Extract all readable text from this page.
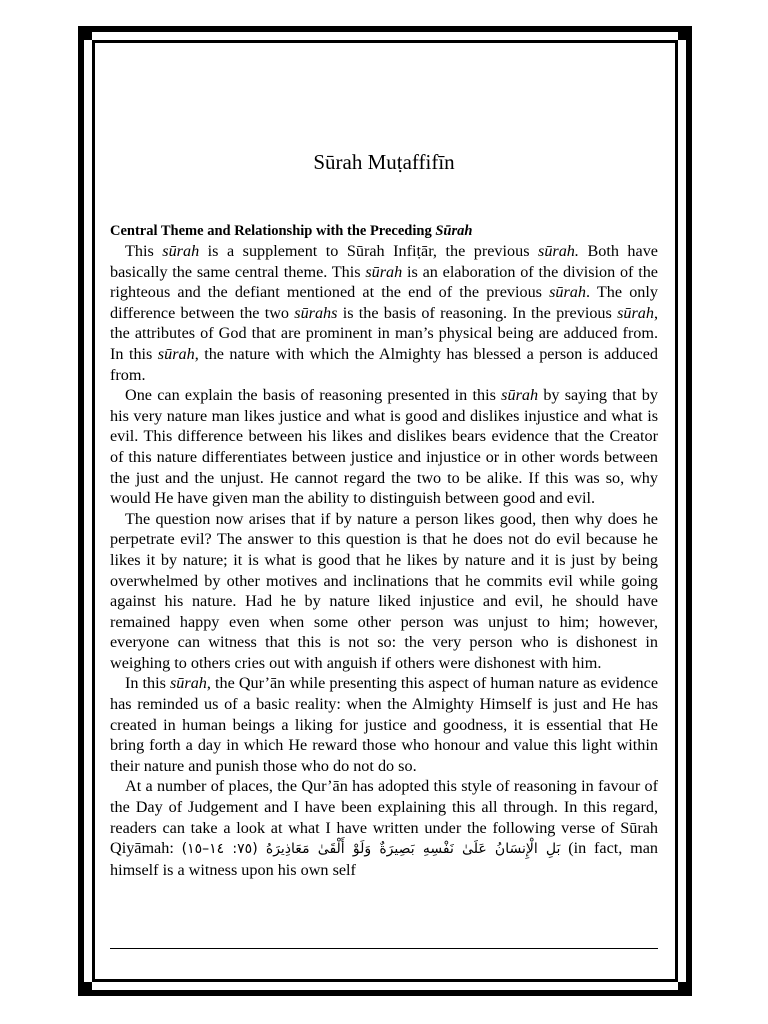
Sūrah Muṭaffifīn
Central Theme and Relationship with the Preceding Sūrah

This sūrah is a supplement to Sūrah Infiṭār, the previous sūrah. Both have basically the same central theme. This sūrah is an elaboration of the division of the righteous and the defiant mentioned at the end of the previous sūrah. The only difference between the two sūrahs is the basis of reasoning. In the previous sūrah, the attributes of God that are prominent in man’s physical being are adduced from. In this sūrah, the nature with which the Almighty has blessed a person is adduced from.

One can explain the basis of reasoning presented in this sūrah by saying that by his very nature man likes justice and what is good and dislikes injustice and what is evil. This difference between his likes and dislikes bears evidence that the Creator of this nature differentiates between justice and injustice or in other words between the just and the unjust. He cannot regard the two to be alike. If this was so, why would He have given man the ability to distinguish between good and evil.

The question now arises that if by nature a person likes good, then why does he perpetrate evil? The answer to this question is that he does not do evil because he likes it by nature; it is what is good that he likes by nature and it is just by being overwhelmed by other motives and inclinations that he commits evil while going against his nature. Had he by nature liked injustice and evil, he should have remained happy even when some other person was unjust to him; however, everyone can witness that this is not so: the very person who is dishonest in weighing to others cries out with anguish if others were dishonest with him.

In this sūrah, the Qur’ān while presenting this aspect of human nature as evidence has reminded us of a basic reality: when the Almighty Himself is just and He has created in human beings a liking for justice and goodness, it is essential that He bring forth a day in which He reward those who honour and value this light within their nature and punish those who do not do so.

At a number of places, the Qur’ān has adopted this style of reasoning in favour of the Day of Judgement and I have been explaining this all through. In this regard, readers can take a look at what I have written under the following verse of Sūrah Qiyāmah: بَلِ الْإِنسَانُ عَلَىٰ نَفْسِهِ بَصِيرَةٌ وَلَوْ أَلْقَىٰ مَعَاذِيرَهُ (٧٥: ١٤–١٥) (in fact, man himself is a witness upon his own self
